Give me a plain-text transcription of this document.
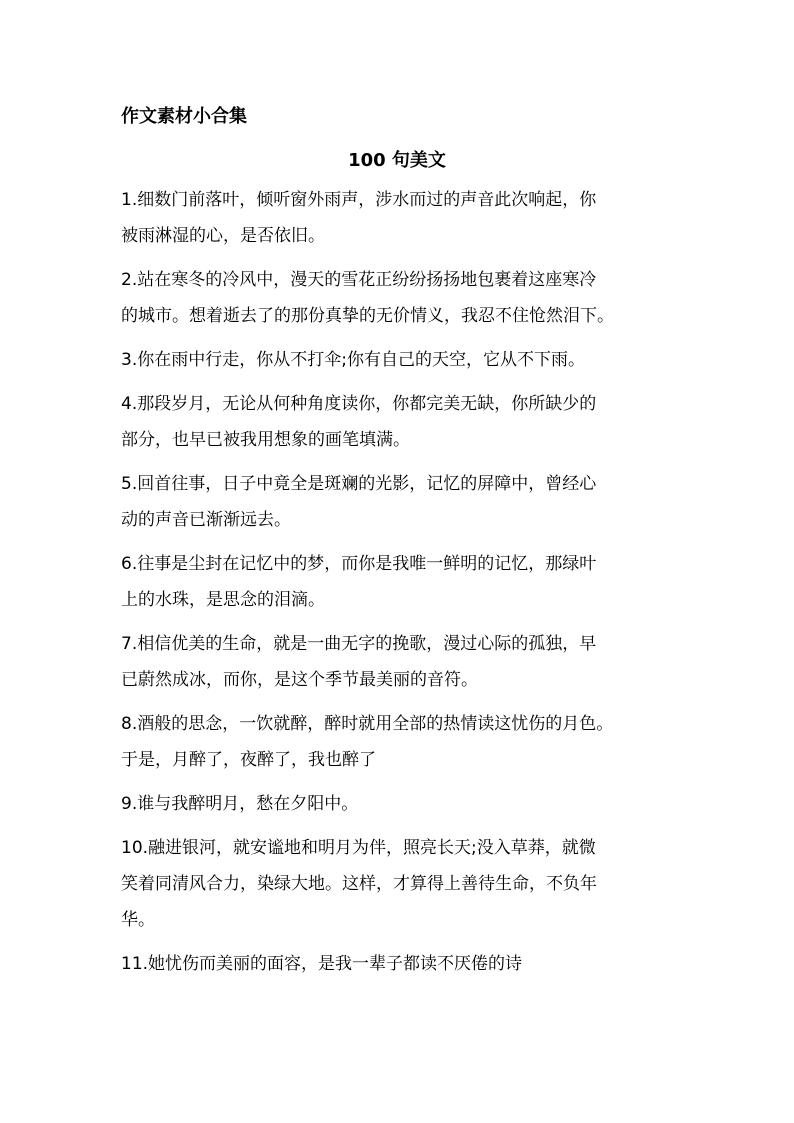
作文素材小合集
100 句美文
1.细数门前落叶，倾听窗外雨声，涉水而过的声音此次响起，你
被雨淋湿的心，是否依旧。
2.站在寒冬的冷风中，漫天的雪花正纷纷扬扬地包裹着这座寒冷
的城市。想着逝去了的那份真挚的无价情义，我忍不住怆然泪下。
3.你在雨中行走，你从不打伞;你有自己的天空，它从不下雨。
4.那段岁月，无论从何种角度读你，你都完美无缺，你所缺少的
部分，也早已被我用想象的画笔填满。
5.回首往事，日子中竟全是斑斓的光影，记忆的屏障中，曾经心
动的声音已渐渐远去。
6.往事是尘封在记忆中的梦，而你是我唯一鲜明的记忆，那绿叶
上的水珠，是思念的泪滴。
7.相信优美的生命，就是一曲无字的挽歌，漫过心际的孤独，早
已蔚然成冰，而你，是这个季节最美丽的音符。
8.酒般的思念，一饮就醉，醉时就用全部的热情读这忧伤的月色。
于是，月醉了，夜醉了，我也醉了
9.谁与我醉明月，愁在夕阳中。
10.融进银河，就安谧地和明月为伴，照亮长天;没入草莽，就微
笑着同清风合力，染绿大地。这样，才算得上善待生命，不负年
华。
11.她忧伤而美丽的面容，是我一辈子都读不厌倦的诗
